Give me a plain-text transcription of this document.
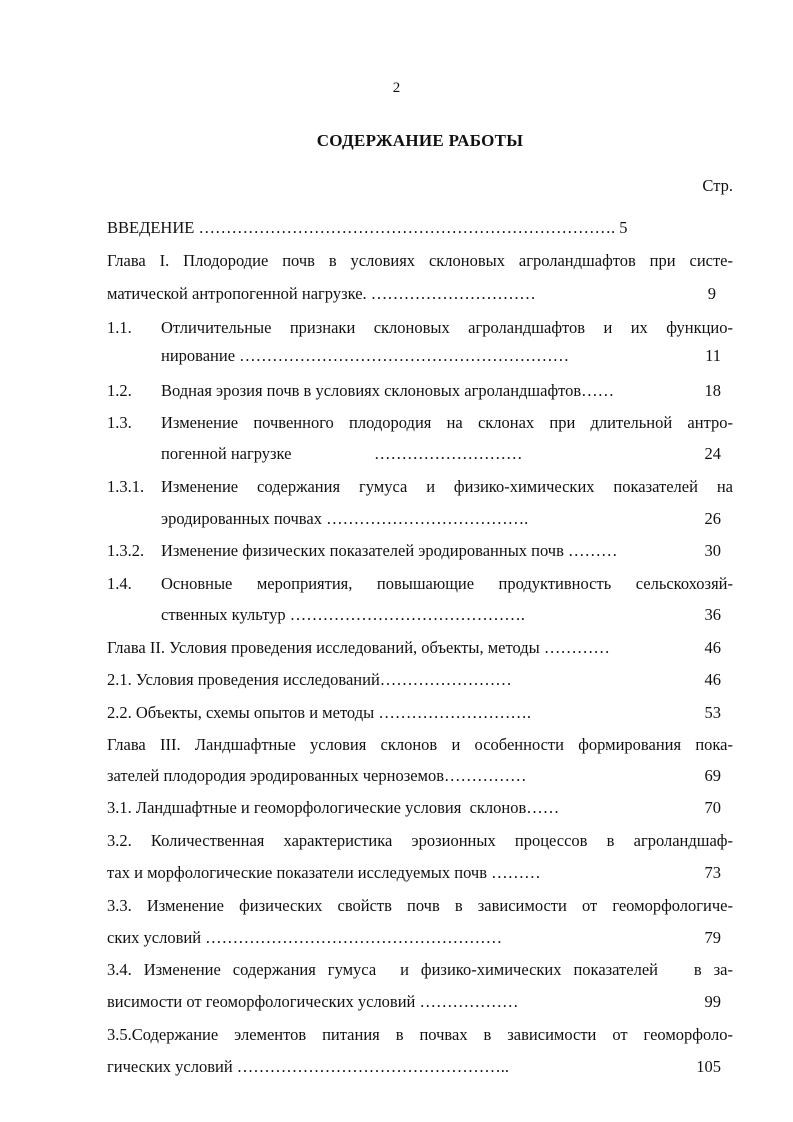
2
СОДЕРЖАНИЕ РАБОТЫ
Стр.
ВВЕДЕНИЕ …………………………………………………………………. 5
Глава I. Плодородие почв в условиях склоновых агроландшафтов при систе-
матической антропогенной нагрузке. …………………………	9
1.1. Отличительные признаки склоновых агроландшафтов и их функцио-
нирование ……………………………………………………	11
1.2. Водная эрозия почв в условиях склоновых агроландшафтов……	18
1.3. Изменение почвенного плодородия на склонах при длительной антро-
погенной нагрузке                    ………………………	24
1.3.1. Изменение содержания гумуса и физико-химических показателей на
эродированных почвах ……………………………….	26
1.3.2. Изменение физических показателей эродированных почв ………	30
1.4. Основные мероприятия, повышающие продуктивность сельскохозяй-
ственных культур …………………………………….	36
Глава II. Условия проведения исследований, объекты, методы …………	46
2.1. Условия проведения исследований……………………	46
2.2. Объекты, схемы опытов и методы ……………………….	53
Глава III. Ландшафтные условия склонов и особенности формирования пока-
зателей плодородия эродированных черноземов……………	69
3.1. Ландшафтные и геоморфологические условия  склонов……	70
3.2. Количественная характеристика эрозионных процессов в агроландшаф-
тах и морфологические показатели исследуемых почв ………	73
3.3. Изменение физических свойств почв в зависимости от геоморфологиче-
ских условий ………………………………………………	79
3.4. Изменение содержания гумуса  и физико-химических показателей   в за-
висимости от геоморфологических условий ………………	99
3.5.Содержание элементов питания в почвах в зависимости от геоморфоло-
гических условий …………………………………………..	105
